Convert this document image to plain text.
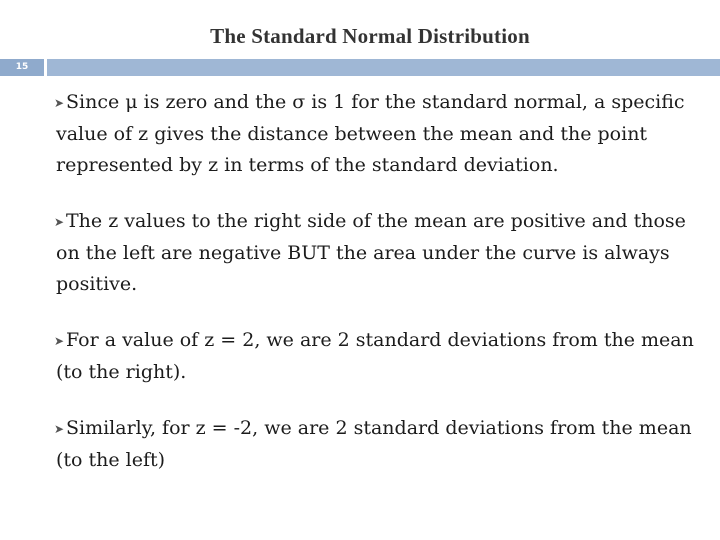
The Standard Normal Distribution
15
➤ Since μ is zero and the σ is 1 for the standard normal, a specific value of z gives the distance between the mean and the point represented by z in terms of the standard deviation.
➤ The z values to the right side of the mean are positive and those on the left are negative BUT the area under the curve is always positive.
➤ For a value of z = 2, we are 2 standard deviations from the mean (to the right).
➤ Similarly, for z = -2, we are 2 standard deviations from the mean (to the left)
